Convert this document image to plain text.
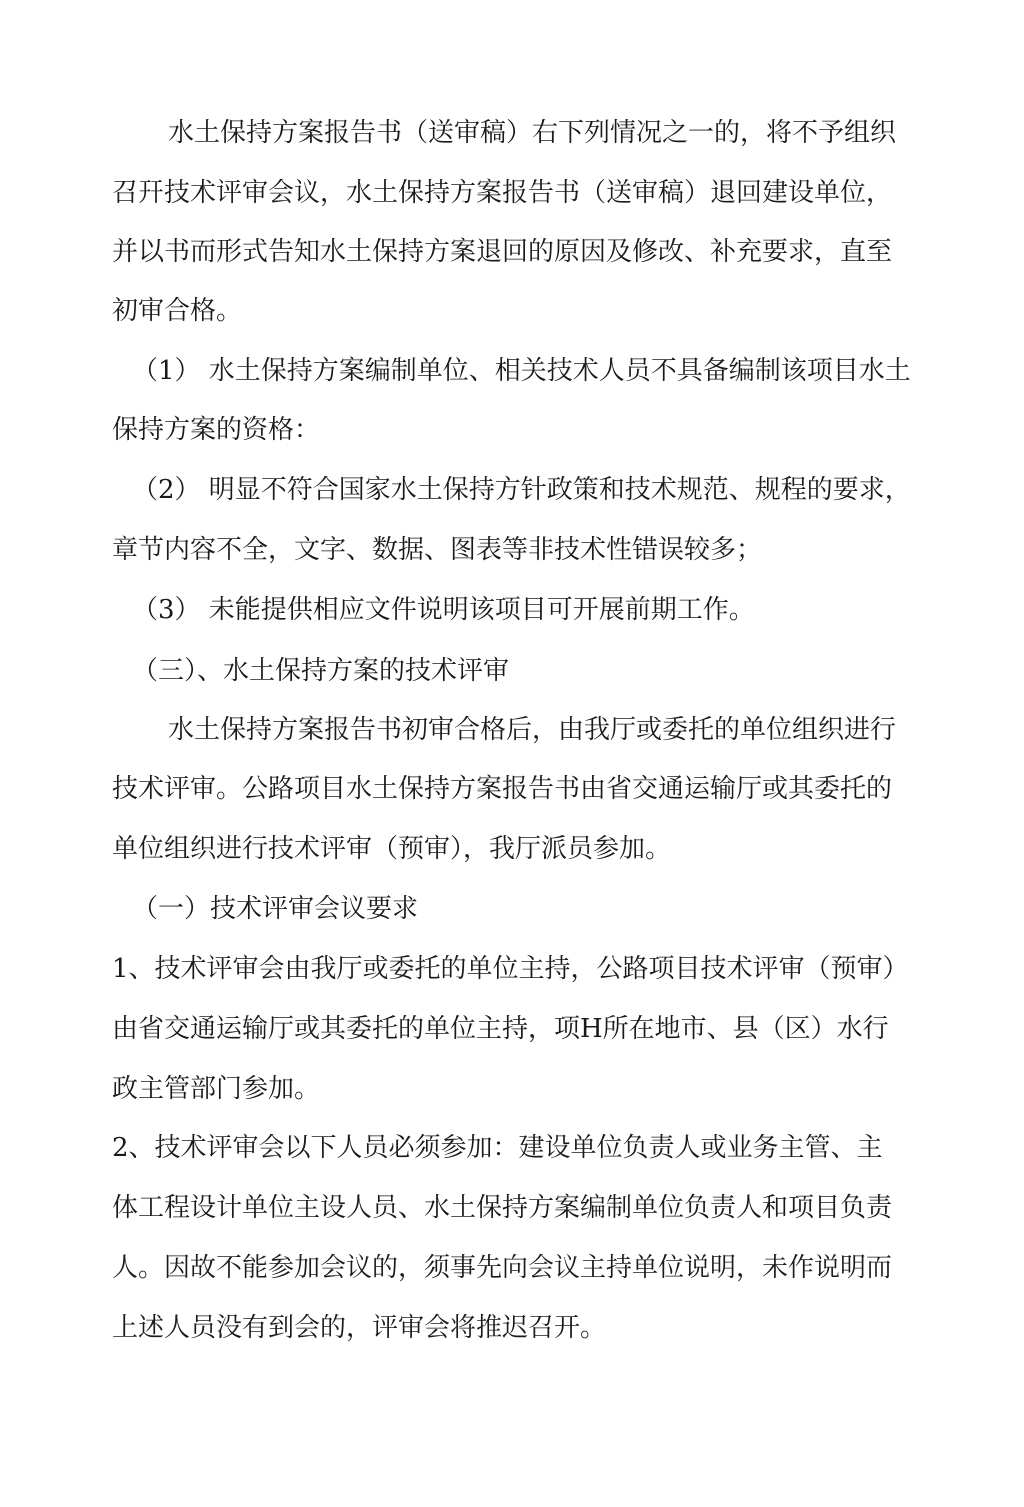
水土保持方案报告书（送审稿）右下列情况之一的，将不予组织
召幵技术评审会议，水土保持方案报告书（送审稿）退回建设单位，
并以书而形式告知水土保持方案退回的原因及修改、补充要求，直至
初审合格。
（1） 水土保持方案编制单位、相关技术人员不具备编制该项目水土
保持方案的资格：
（2） 明显不符合国家水土保持方针政策和技术规范、规程的要求，
章节内容不全，文字、数据、图表等非技术性错误较多；
（3） 未能提供相应文件说明该项目可开展前期工作。
（三）、水土保持方案的技术评审
水土保持方案报告书初审合格后，由我厅或委托的单位组织进行
技术评审。公路项目水土保持方案报告书由省交通运输厅或其委托的
单位组织进行技术评审（预审），我厅派员参加。
（一）技术评审会议要求
1、技术评审会由我厅或委托的单位主持，公路项目技术评审（预审）
由省交通运输厅或其委托的单位主持，项H所在地市、县（区）水行
政主管部门参加。
2、技术评审会以下人员必须参加：建设单位负责人或业务主管、主
体工程设计单位主设人员、水土保持方案编制单位负责人和项目负责
人。因故不能参加会议的，须事先向会议主持单位说明，未作说明而
上述人员没有到会的，评审会将推迟召开。
